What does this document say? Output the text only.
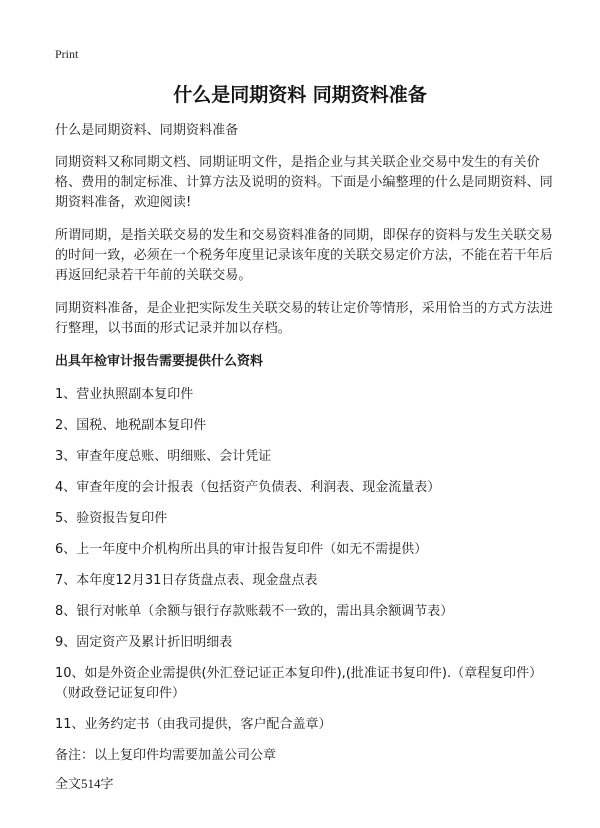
Print
什么是同期资料 同期资料准备

什么是同期资料、同期资料准备

同期资料又称同期文档、同期证明文件，是指企业与其关联企业交易中发生的有关价格、费用的制定标准、计算方法及说明的资料。下面是小编整理的什么是同期资料、同期资料准备，欢迎阅读!

所谓同期，是指关联交易的发生和交易资料准备的同期，即保存的资料与发生关联交易的时间一致，必须在一个税务年度里记录该年度的关联交易定价方法，不能在若干年后再返回纪录若干年前的关联交易。

同期资料准备，是企业把实际发生关联交易的转让定价等情形，采用恰当的方式方法进行整理，以书面的形式记录并加以存档。

出具年检审计报告需要提供什么资料
1、营业执照副本复印件
2、国税、地税副本复印件
3、审查年度总账、明细账、会计凭证
4、审查年度的会计报表（包括资产负债表、利润表、现金流量表）
5、验资报告复印件
6、上一年度中介机构所出具的审计报告复印件（如无不需提供）
7、本年度12月31日存货盘点表、现金盘点表
8、银行对帐单（余额与银行存款账载不一致的，需出具余额调节表）
9、固定资产及累计折旧明细表
10、如是外资企业需提供(外汇登记证正本复印件),(批准证书复印件).（章程复印件）（财政登记证复印件）
11、业务约定书（由我司提供，客户配合盖章）

备注：以上复印件均需要加盖公司公章

全文514字
